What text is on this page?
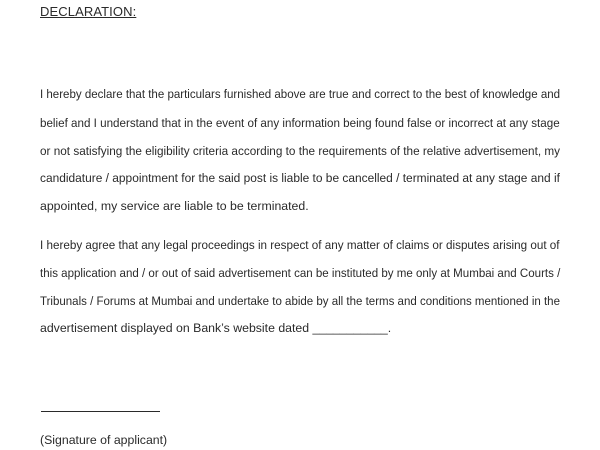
DECLARATION:
I hereby declare that the particulars furnished above are true and correct to the best of knowledge and
belief and I understand that in the event of any information being found false or incorrect at any stage
or not satisfying the eligibility criteria according to the requirements of the relative advertisement, my
candidature / appointment for the said post is liable to be cancelled / terminated at any stage and if
appointed, my service are liable to be terminated.
I hereby agree that any legal proceedings in respect of any matter of claims or disputes arising out of
this application and / or out of said advertisement can be instituted by me only at Mumbai and Courts /
Tribunals / Forums at Mumbai and undertake to abide by all the terms and conditions mentioned in the
advertisement displayed on Bank’s website dated ___________.
(Signature of applicant)
